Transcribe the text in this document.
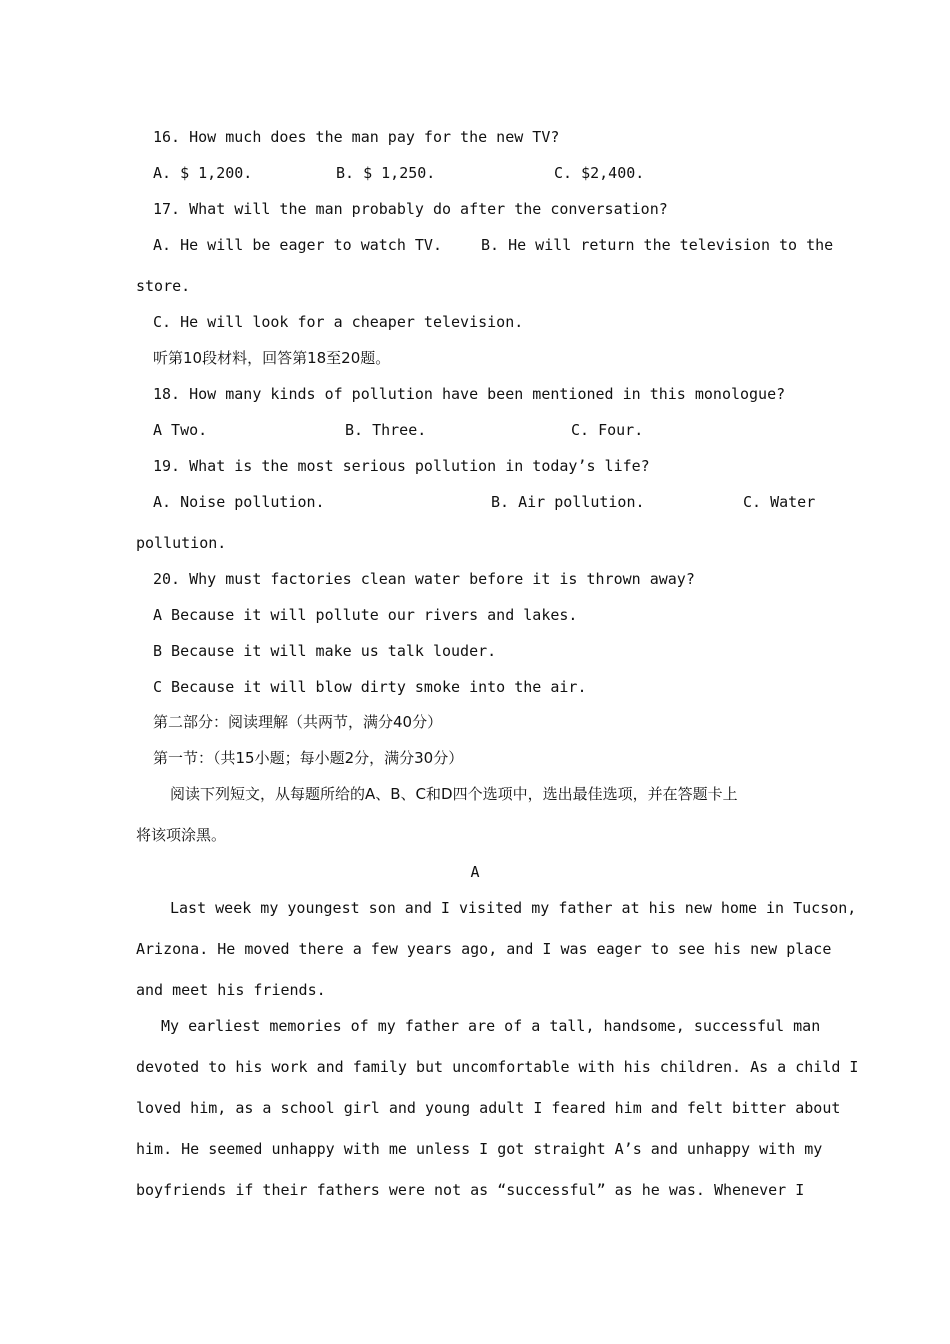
16. How much does the man pay for the new TV?
A. $ 1,200.	B. $ 1,250.	C. $2,400.
17. What will the man probably do after the conversation?
A. He will be eager to watch TV.	B. He will return the television to the
store.
C. He will look for a cheaper television.
听第10段材料，回答第18至20题。
18. How many kinds of pollution have been mentioned in this monologue?
A Two.	B. Three.	C. Four.
19. What is the most serious pollution in today’s life?
A. Noise pollution.	B. Air pollution.	C. Water
pollution.
20. Why must factories clean water before it is thrown away?
A Because it will pollute our rivers and lakes.
B Because it will make us talk louder.
C Because it will blow dirty smoke into the air.
第二部分：阅读理解（共两节，满分40分）
第一节：（共15小题；每小题2分，满分30分）
阅读下列短文，从每题所给的A、B、C和D四个选项中，选出最佳选项，并在答题卡上
将该项涂黑。
A
Last week my youngest son and I visited my father at his new home in Tucson,
Arizona. He moved there a few years ago, and I was eager to see his new place
and meet his friends.
My earliest memories of my father are of a tall, handsome, successful man
devoted to his work and family but uncomfortable with his children. As a child I
loved him, as a school girl and young adult I feared him and felt bitter about
him. He seemed unhappy with me unless I got straight A’s and unhappy with my
boyfriends if their fathers were not as “successful” as he was. Whenever I
